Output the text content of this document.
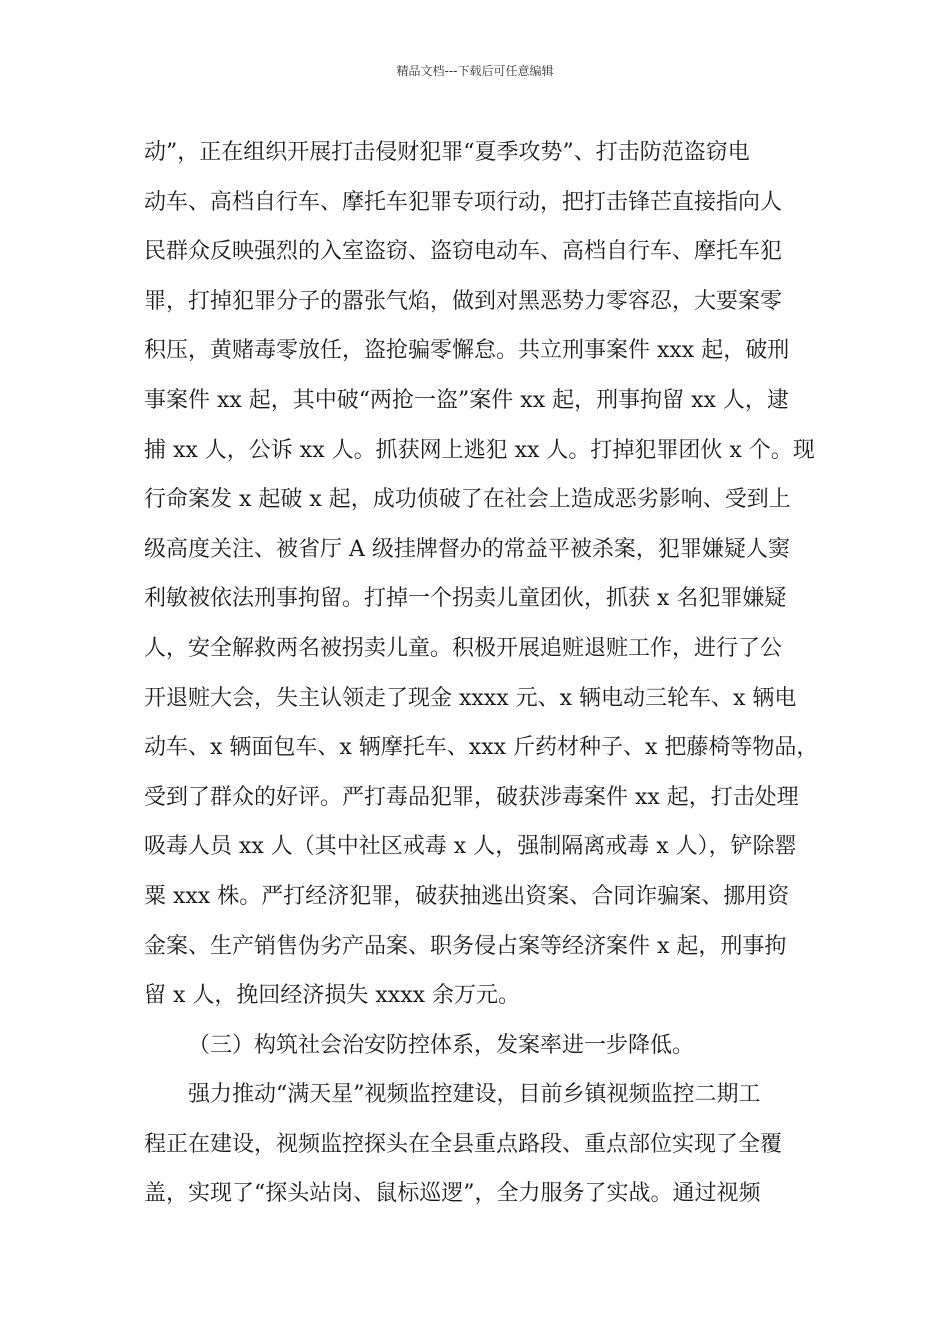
精品文档---下载后可任意编辑
动”，正在组织开展打击侵财犯罪“夏季攻势”、打击防范盗窃电
动车、高档自行车、摩托车犯罪专项行动，把打击锋芒直接指向人
民群众反映强烈的入室盗窃、盗窃电动车、高档自行车、摩托车犯
罪，打掉犯罪分子的嚣张气焰，做到对黑恶势力零容忍，大要案零
积压，黄赌毒零放任，盗抢骗零懈怠。共立刑事案件 xxx 起，破刑
事案件 xx 起，其中破“两抢一盗”案件 xx 起，刑事拘留 xx 人，逮
捕 xx 人，公诉 xx 人。抓获网上逃犯 xx 人。打掉犯罪团伙 x 个。现
行命案发 x 起破 x 起，成功侦破了在社会上造成恶劣影响、受到上
级高度关注、被省厅 A 级挂牌督办的常益平被杀案，犯罪嫌疑人窦
利敏被依法刑事拘留。打掉一个拐卖儿童团伙，抓获 x 名犯罪嫌疑
人，安全解救两名被拐卖儿童。积极开展追赃退赃工作，进行了公
开退赃大会，失主认领走了现金 xxxx 元、x 辆电动三轮车、x 辆电
动车、x 辆面包车、x 辆摩托车、xxx 斤药材种子、x 把藤椅等物品，
受到了群众的好评。严打毒品犯罪，破获涉毒案件 xx 起，打击处理
吸毒人员 xx 人（其中社区戒毒 x 人，强制隔离戒毒 x 人），铲除罂
粟 xxx 株。严打经济犯罪，破获抽逃出资案、合同诈骗案、挪用资
金案、生产销售伪劣产品案、职务侵占案等经济案件 x 起，刑事拘
留 x 人，挽回经济损失 xxxx 余万元。
（三）构筑社会治安防控体系，发案率进一步降低。
强力推动“满天星”视频监控建设，目前乡镇视频监控二期工
程正在建设，视频监控探头在全县重点路段、重点部位实现了全覆
盖，实现了“探头站岗、鼠标巡逻”，全力服务了实战。通过视频
